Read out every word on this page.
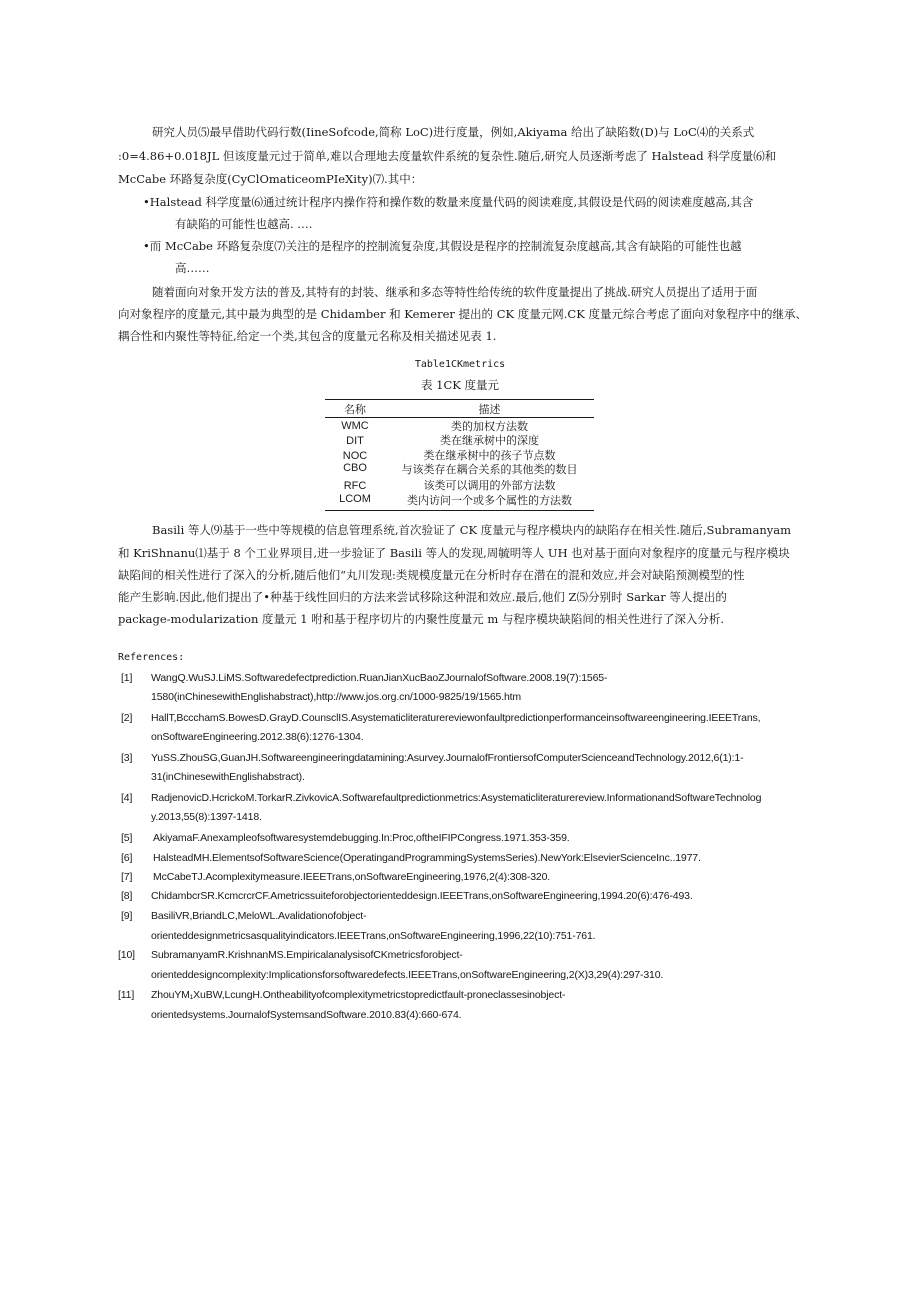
研究人员⑸最早借助代码行数(IineSofcode,简称 LoC)进行度量，例如,Akiyama 给出了缺陷数(D)与 LoC⑷的关系式
:0=4.86+0.018JL 但该度量元过于简单,难以合理地去度量软件系统的复杂性.随后,研究人员逐渐考虑了 Halstead 科学度量⑹和
McCabe 环路复杂度(CyClOmaticeomPIeXity)⑺.其中：
•Halstead 科学度量⑹通过统计程序内操作符和操作数的数量来度量代码的阅读难度,其假设是代码的阅读难度越高,其含
有缺陷的可能性也越高. .…
•而 McCabe 环路复杂度⑺关注的是程序的控制流复杂度,其假设是程序的控制流复杂度越高,其含有缺陷的可能性也越
高……
随着面向对象开发方法的普及,其特有的封装、继承和多态等特性给传统的软件度量提出了挑战.研究人员提出了适用于面
向对象程序的度量元,其中最为典型的是 Chidamber 和 Kemerer 提出的 CK 度量元网.CK 度量元综合考虑了面向对象程序中的继承、
耦合性和内聚性等特征,给定一个类,其包含的度量元名称及相关描述见表 1.
Table1CKmetrics
表 1CK 度量元
名称	描述
WMC	类的加权方法数
DIT	类在继承树中的深度
NOC	类在继承树中的孩子节点数
CBO	与该类存在耦合关系的其他类的数目
RFC	该类可以调用的外部方法数
LCOM	类内访问一个或多个属性的方法数
Basili 等人⑼基于一些中等规模的信息管理系统,首次验证了 CK 度量元与程序模块内的缺陷存在相关性.随后,Subramanyam
和 KriShnanu⑴基于 8 个工业界项目,进一步验证了 Basili 等人的发现,周毓明等人 UH 也对基于面向对象程序的度量元与程序模块
缺陷间的相关性进行了深入的分析,随后他们“丸川发现:类规模度量元在分析时存在潜在的混和效应,并会对缺陷预测模型的性
能产生影晌.因此,他们提出了•种基于线性回归的方法来尝试移除这种混和效应.最后,他们 Z⑸分别时 Sarkar 等人提出的
package-modularization 度量元 1 咐和基于程序切片的内聚性度量元 m 与程序模块缺陷间的相关性进行了深入分析.
References:
[1]	WangQ.WuSJ.LiMS.Softwaredefectprediction.RuanJianXucBaoZJournalofSoftware.2008.19(7):1565-
1580(inChinesewithEnglishabstract),http://www.jos.org.cn/1000-9825/19/1565.htm
[2]	HallT,BccchamS.BowesD.GrayD.CounsclIS.Asystematicliteraturereviewonfaultpredictionperformanceinsoftwareengineering.IEEETrans,
onSoftwareEngineering.2012.38(6):1276-1304.
[3]	YuSS.ZhouSG,GuanJH.Softwareengineeringdatamining:Asurvey.JournalofFrontiersofComputerScienceandTechnology.2012,6(1):1-
31(inChinesewithEnglishabstract).
[4]	RadjenovicD.HcrickoM.TorkarR.ZivkovicA.Softwarefaultpredictionmetrics:Asystematicliteraturereview.InformationandSoftwareTechnolog
y.2013,55(8):1397-1418.
[5]	AkiyamaF.Anexampleofsoftwaresystemdebugging.In:Proc,oftheIFIPCongress.1971.353-359.
[6]	HalsteadMH.ElementsofSoftwareScience(OperatingandProgrammingSystemsSeries).NewYork:ElsevierScienceInc..1977.
[7]	McCabeTJ.Acomplexitymeasure.IEEETrans,onSoftwareEngineering,1976,2(4):308-320.
[8]	ChidambcrSR.KcmcrcrCF.Ametricssuiteforobjectorienteddesign.IEEETrans,onSoftwareEngineering,1994.20(6):476-493.
[9]	BasiliVR,BriandLC,MeloWL.Avalidationofobject-
orienteddesignmetricsasqualityindicators.IEEETrans,onSoftwareEngineering,1996,22(10):751-761.
[10]	SubramanyamR.KrishnanMS.EmpiricalanalysisofCKmetricsforobject-
orienteddesigncomplexity:Implicationsforsoftwaredefects.IEEETrans,onSoftwareEngineering,2(X)3,29(4):297-310.
[11]	ZhouYM₁XuBW,LcungH.Ontheabilityofcomplexitymetricstopredictfault-proneclassesinobject-
orientedsystems.JournalofSystemsandSoftware.2010.83(4):660-674.
